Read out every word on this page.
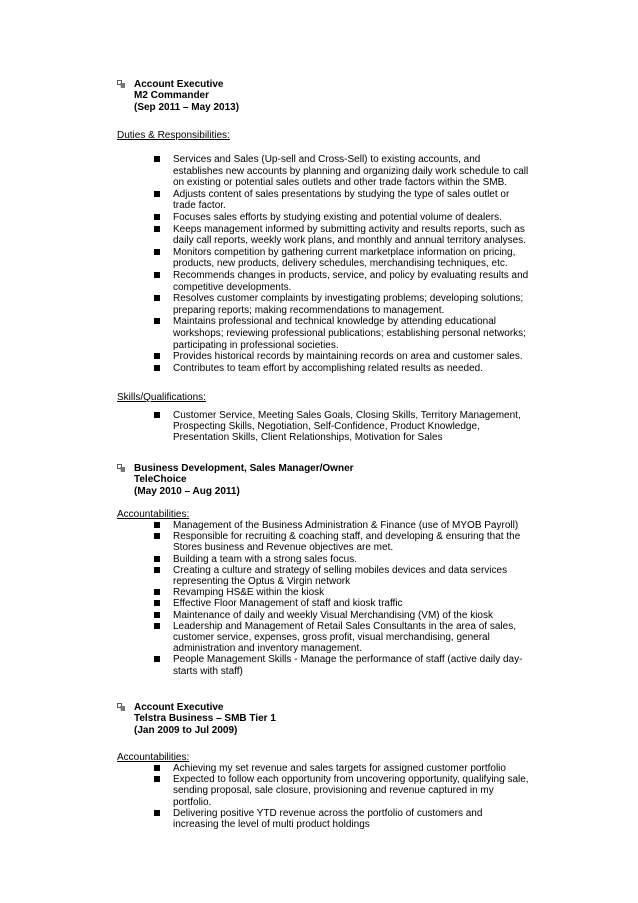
Account Executive
M2 Commander
(Sep 2011 – May 2013)
Duties & Responsibilities:
Services and Sales (Up-sell and Cross-Sell) to existing accounts, and establishes new accounts by planning and organizing daily work schedule to call on existing or potential sales outlets and other trade factors within the SMB.
Adjusts content of sales presentations by studying the type of sales outlet or trade factor.
Focuses sales efforts by studying existing and potential volume of dealers.
Keeps management informed by submitting activity and results reports, such as daily call reports, weekly work plans, and monthly and annual territory analyses.
Monitors competition by gathering current marketplace information on pricing, products, new products, delivery schedules, merchandising techniques, etc.
Recommends changes in products, service, and policy by evaluating results and competitive developments.
Resolves customer complaints by investigating problems; developing solutions; preparing reports; making recommendations to management.
Maintains professional and technical knowledge by attending educational workshops; reviewing professional publications; establishing personal networks; participating in professional societies.
Provides historical records by maintaining records on area and customer sales.
Contributes to team effort by accomplishing related results as needed.
Skills/Qualifications:
Customer Service, Meeting Sales Goals, Closing Skills, Territory Management, Prospecting Skills, Negotiation, Self-Confidence, Product Knowledge, Presentation Skills, Client Relationships, Motivation for Sales
Business Development, Sales Manager/Owner
TeleChoice
(May 2010 – Aug 2011)
Accountabilities:
Management of the Business Administration & Finance (use of MYOB Payroll)
Responsible for recruiting & coaching staff, and developing & ensuring that the Stores business and Revenue objectives are met.
Building a team with a strong sales focus.
Creating a culture and strategy of selling mobiles devices and data services representing the Optus & Virgin network
Revamping HS&E within the kiosk
Effective Floor Management of staff and kiosk traffic
Maintenance of daily and weekly Visual Merchandising (VM) of the kiosk
Leadership and Management of Retail Sales Consultants in the area of sales, customer service, expenses, gross profit, visual merchandising, general administration and inventory management.
People Management Skills - Manage the performance of staff (active daily day-starts with staff)
Account Executive
Telstra Business – SMB Tier 1
(Jan 2009 to Jul 2009)
Accountabilities:
Achieving my set revenue and sales targets for assigned customer portfolio
Expected to follow each opportunity from uncovering opportunity, qualifying sale, sending proposal, sale closure, provisioning and revenue captured in my portfolio.
Delivering positive YTD revenue across the portfolio of customers and increasing the level of multi product holdings
